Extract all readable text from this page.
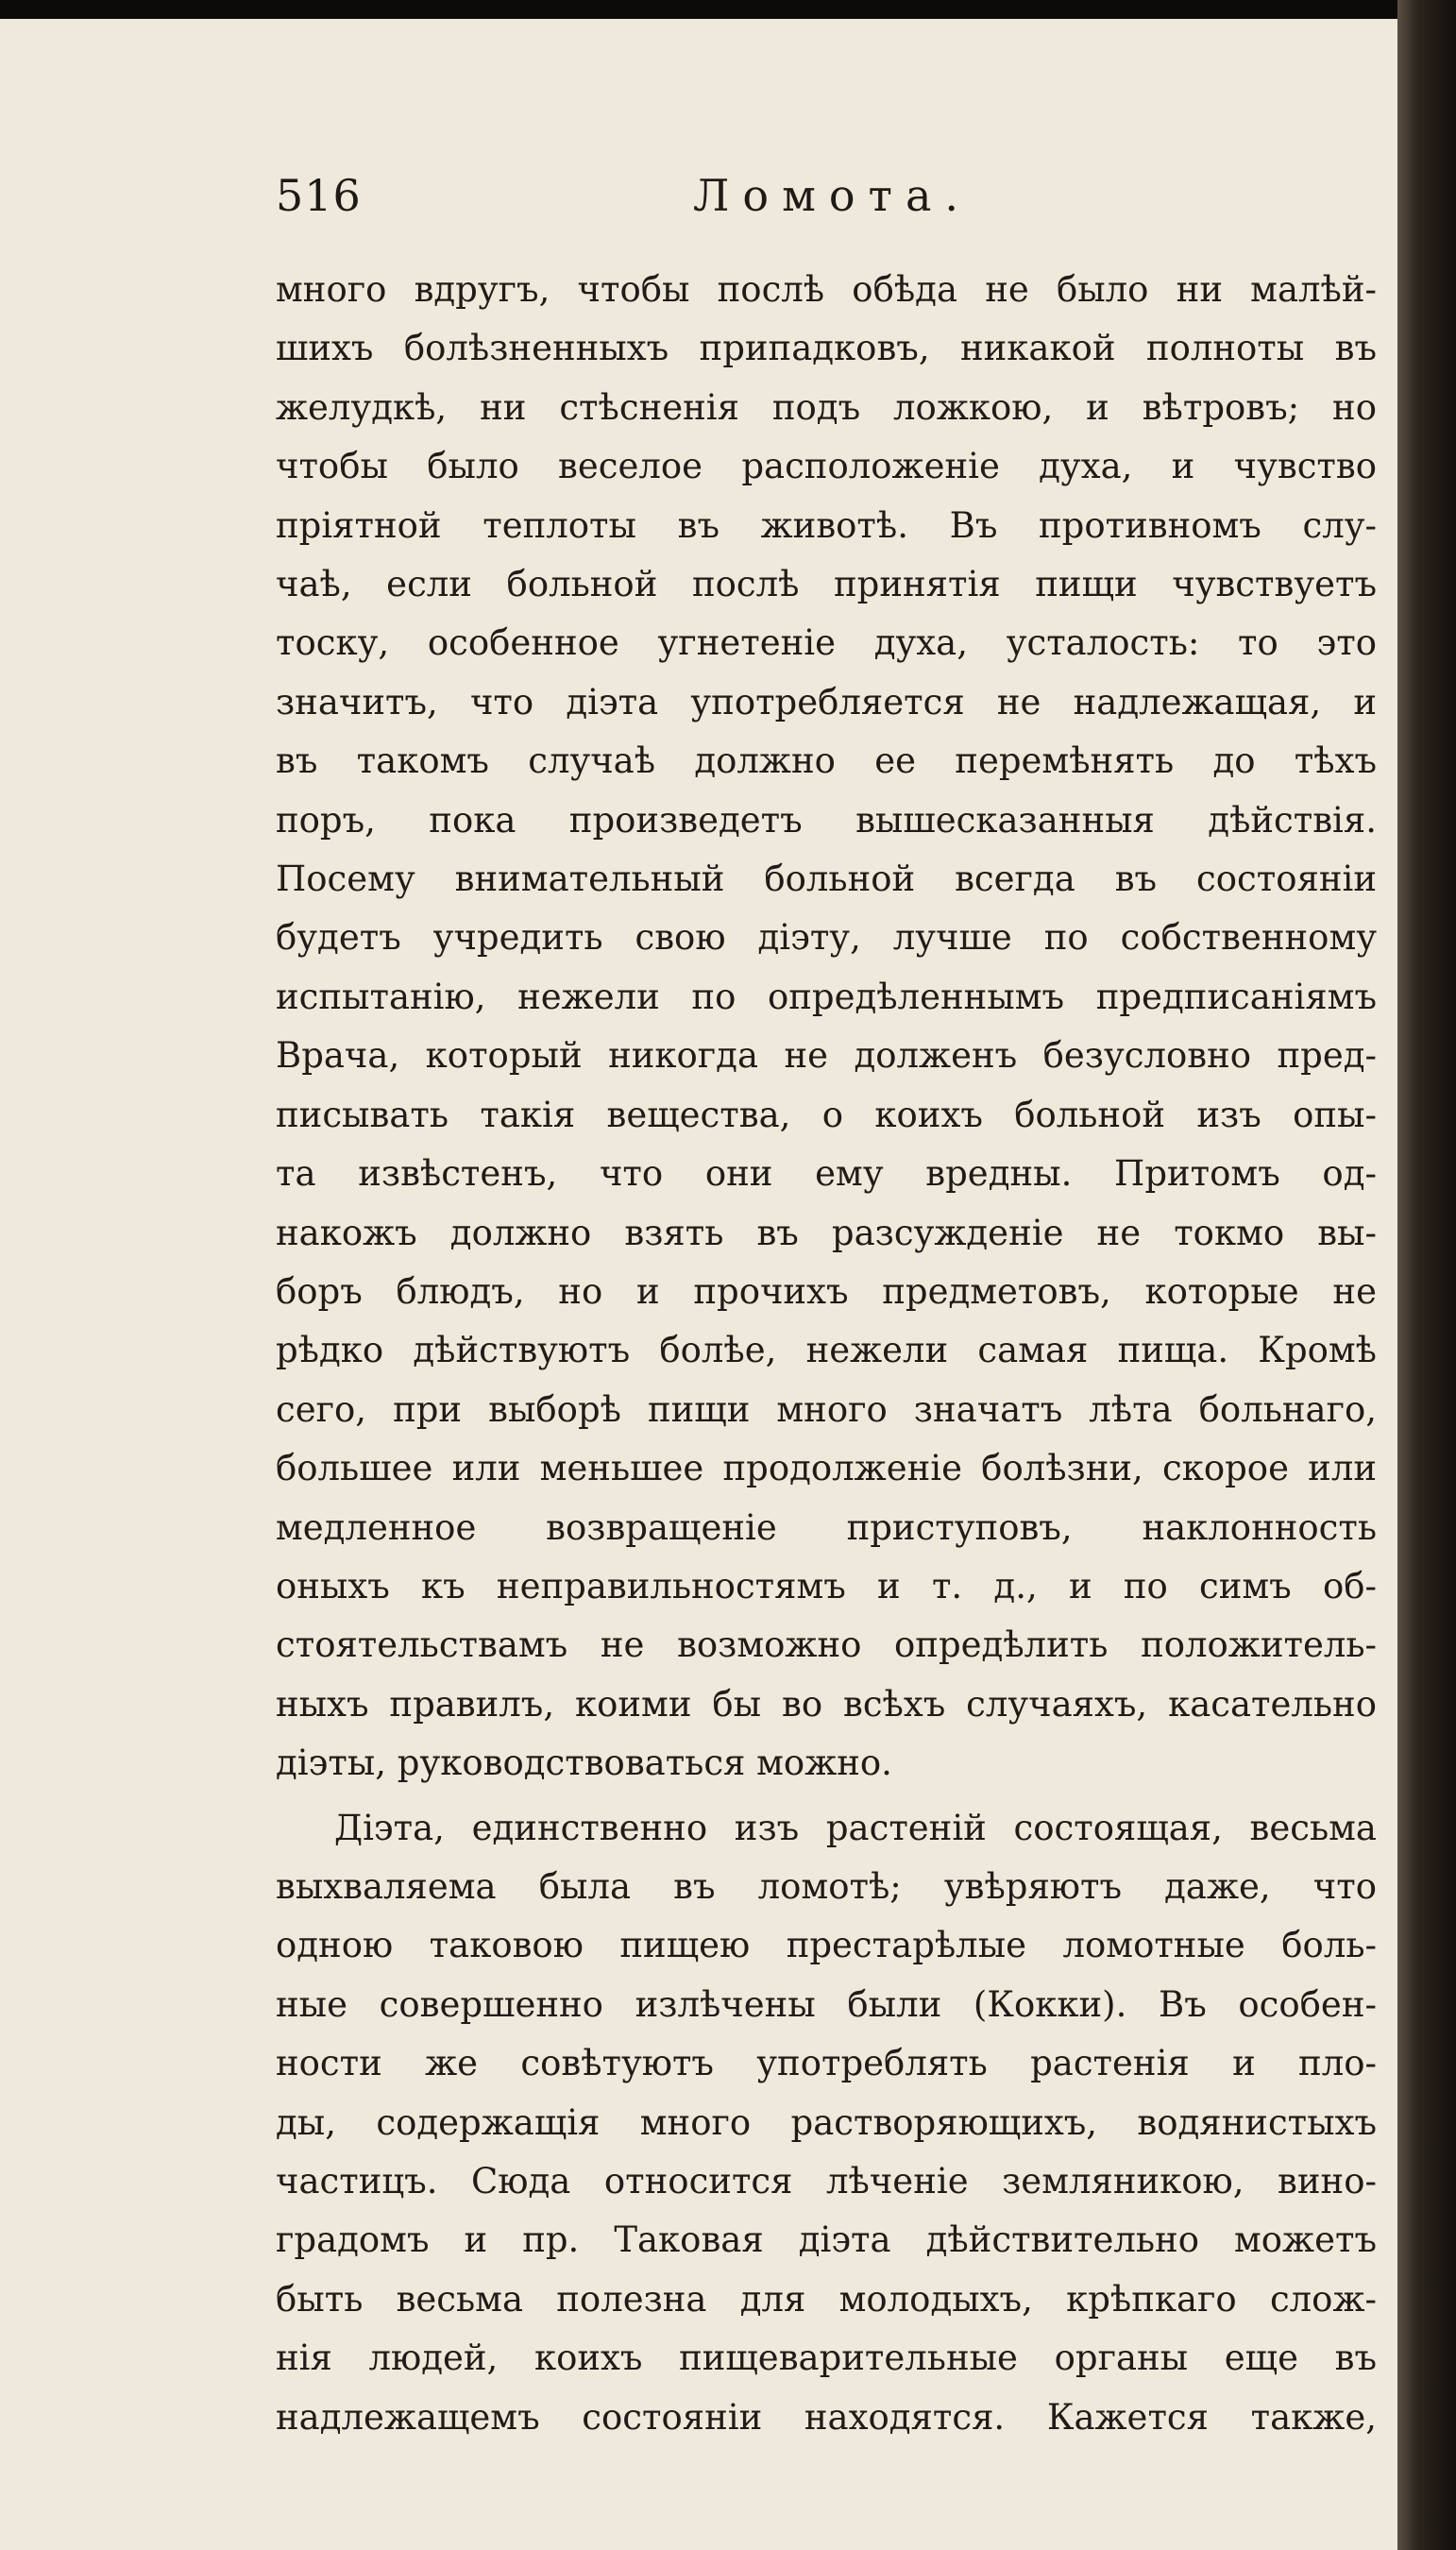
516	Ломота.
много вдругъ, чтобы послѣ обѣда не было ни малѣй-
шихъ болѣзненныхъ припадковъ, никакой полноты въ
желудкѣ, ни стѣсненія подъ ложкою, и вѣтровъ; но
чтобы было веселое расположеніе духа, и чувство
пріятной теплоты въ животѣ. Въ противномъ слу-
чаѣ, если больной послѣ принятія пищи чувствуетъ
тоску, особенное угнетеніе духа, усталость: то это
значитъ, что діэта употребляется не надлежащая, и
въ такомъ случаѣ должно ее перемѣнять до тѣхъ
поръ, пока произведетъ вышесказанныя дѣйствія.
Посему внимательный больной всегда въ состояніи
будетъ учредить свою діэту, лучше по собственному
испытанію, нежели по опредѣленнымъ предписаніямъ
Врача, который никогда не долженъ безусловно пред-
писывать такія вещества, о коихъ больной изъ опы-
та извѣстенъ, что они ему вредны. Притомъ од-
накожъ должно взять въ разсужденіе не токмо вы-
боръ блюдъ, но и прочихъ предметовъ, которые не
рѣдко дѣйствуютъ болѣе, нежели самая пища. Кромѣ
сего, при выборѣ пищи много значатъ лѣта больнаго,
большее или меньшее продолженіе болѣзни, скорое или
медленное возвращеніе приступовъ, наклонность
оныхъ къ неправильностямъ и т. д., и по симъ об-
стоятельствамъ не возможно опредѣлить положитель-
ныхъ правилъ, коими бы во всѣхъ случаяхъ, касательно
діэты, руководствоваться можно.
Діэта, единственно изъ растеній состоящая, весьма
выхваляема была въ ломотѣ; увѣряютъ даже, что
одною таковою пищею престарѣлые ломотные боль-
ные совершенно излѣчены были (Кокки). Въ особен-
ности же совѣтуютъ употреблять растенія и пло-
ды, содержащія много растворяющихъ, водянистыхъ
частицъ. Сюда относится лѣченіе земляникою, вино-
градомъ и пр. Таковая діэта дѣйствительно можетъ
быть весьма полезна для молодыхъ, крѣпкаго слож-
нія людей, коихъ пищеварительные органы еще въ
надлежащемъ состояніи находятся. Кажется также,
